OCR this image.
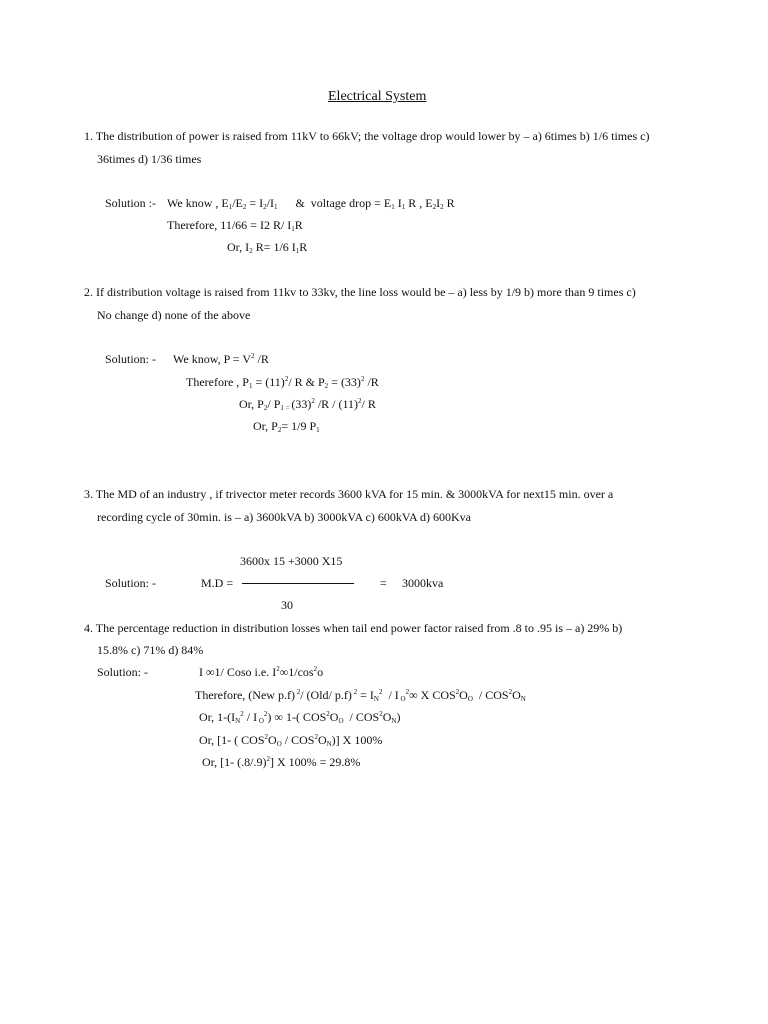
Electrical System
1. The distribution of power is raised from 11kV to 66kV; the voltage drop would lower by – a) 6times b) 1/6 times c)
36times d) 1/36 times
Solution :- We know , $E_1/E_2 = I_2/I_1$      &  voltage drop = $E_1$ $I_1$ R , $E_2I_2$ R
Therefore, 11/66 = I2 R/ $I_1R$
Or, $I_2$ R= 1/6 $I_1R$
2. If distribution voltage is raised from 11kv to 33kv, the line loss would be – a) less by 1/9 b) more than 9 times c)
No change d) none of the above
Solution: - We know, $P = V^2$ /R
Therefore , $P_1 = (11)^2/$ R & $P_2 = (33)^2$ /R
Or, $P_2/$ $P_{1 =}$ $(33)^2$ $/R / (11)^2/$ R
Or, $P_2= 1/9$ $P_1$
3. The MD of an industry , if trivector meter records 3600 kVA for 15 min. & 3000kVA for next15 min. over a
recording cycle of 30min. is – a) 3600kVA b) 3000kVA c) 600kVA d) 600Kva
3600x 15 +3000 X15
Solution: -	M.D =	= 3000kva
30
4. The percentage reduction in distribution losses when tail end power factor raised from .8 to .95 is – a) 29% b)
15.8% c) 71% d) 84%
Solution: -	I ∞1/ Coso i.e. $I^2\infty 1/\cos^2o$
Therefore, (New p.f) $^2$/ (Old/ p.f) $^2 = I_N^2 / I$ $_O^2$∞ X $COS^2O_O / COS^2O_N$
Or, $1-(I_N^2$ / I $_O^2$) ∞ 1-( $COS^2O_O / COS^2O_N$)
Or, [1- ( $COS^2O_O / COS^2O_N$)] X 100%
Or, [1- $(.8/.9)^2$] X 100% = 29.8%
